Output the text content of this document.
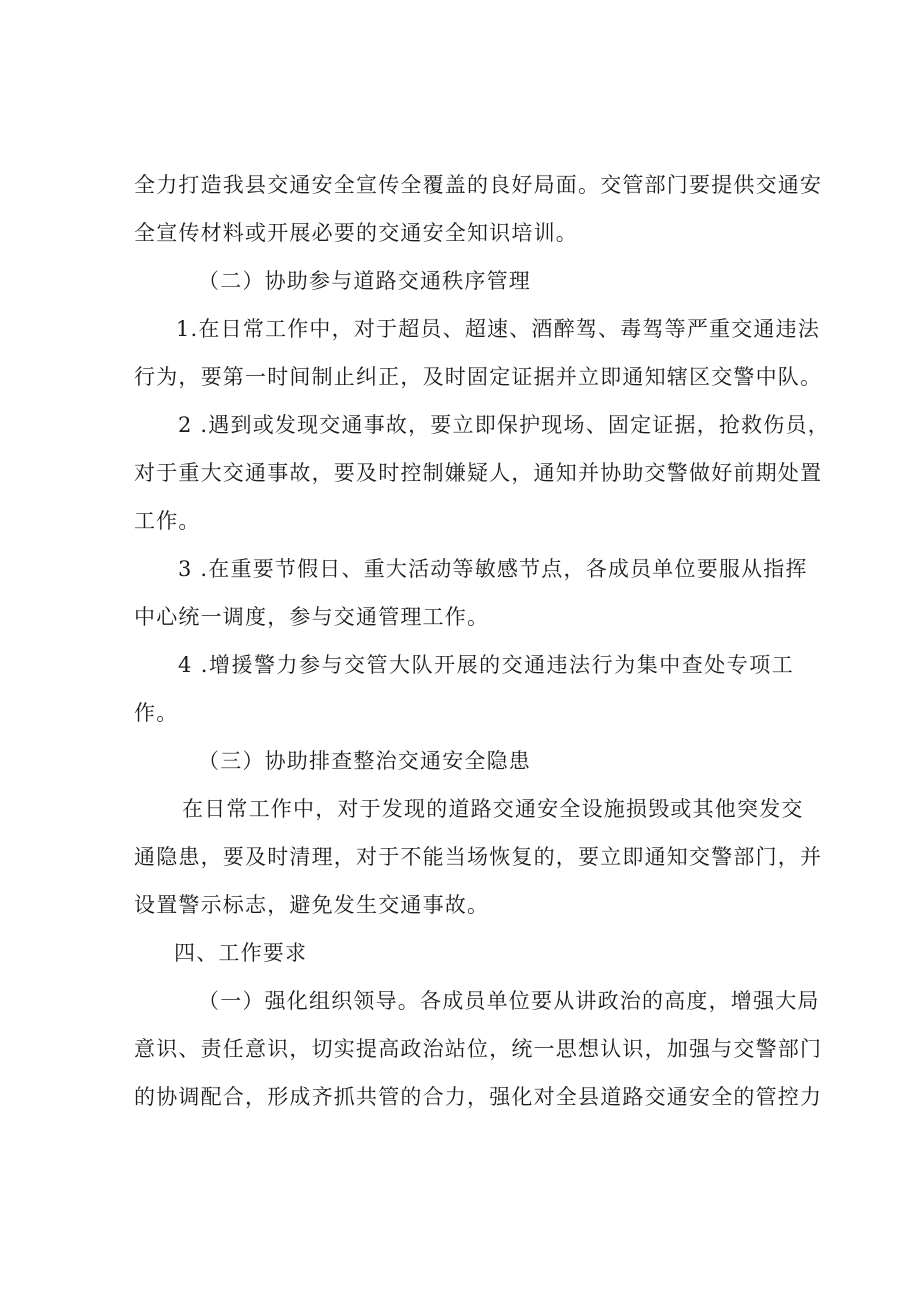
全力打造我县交通安全宣传全覆盖的良好局面。交管部门要提供交通安
全宣传材料或开展必要的交通安全知识培训。
（二）协助参与道路交通秩序管理
1.在日常工作中，对于超员、超速、酒醉驾、毒驾等严重交通违法
行为，要第一时间制止纠正，及时固定证据并立即通知辖区交警中队。
2 .遇到或发现交通事故，要立即保护现场、固定证据，抢救伤员，
对于重大交通事故，要及时控制嫌疑人，通知并协助交警做好前期处置
工作。
3 .在重要节假日、重大活动等敏感节点，各成员单位要服从指挥
中心统一调度，参与交通管理工作。
4 .增援警力参与交管大队开展的交通违法行为集中查处专项工
作。
（三）协助排查整治交通安全隐患
在日常工作中，对于发现的道路交通安全设施损毁或其他突发交
通隐患，要及时清理，对于不能当场恢复的，要立即通知交警部门，并
设置警示标志，避免发生交通事故。
四、工作要求
（一）强化组织领导。各成员单位要从讲政治的高度，增强大局
意识、责任意识，切实提高政治站位，统一思想认识，加强与交警部门
的协调配合，形成齐抓共管的合力，强化对全县道路交通安全的管控力
